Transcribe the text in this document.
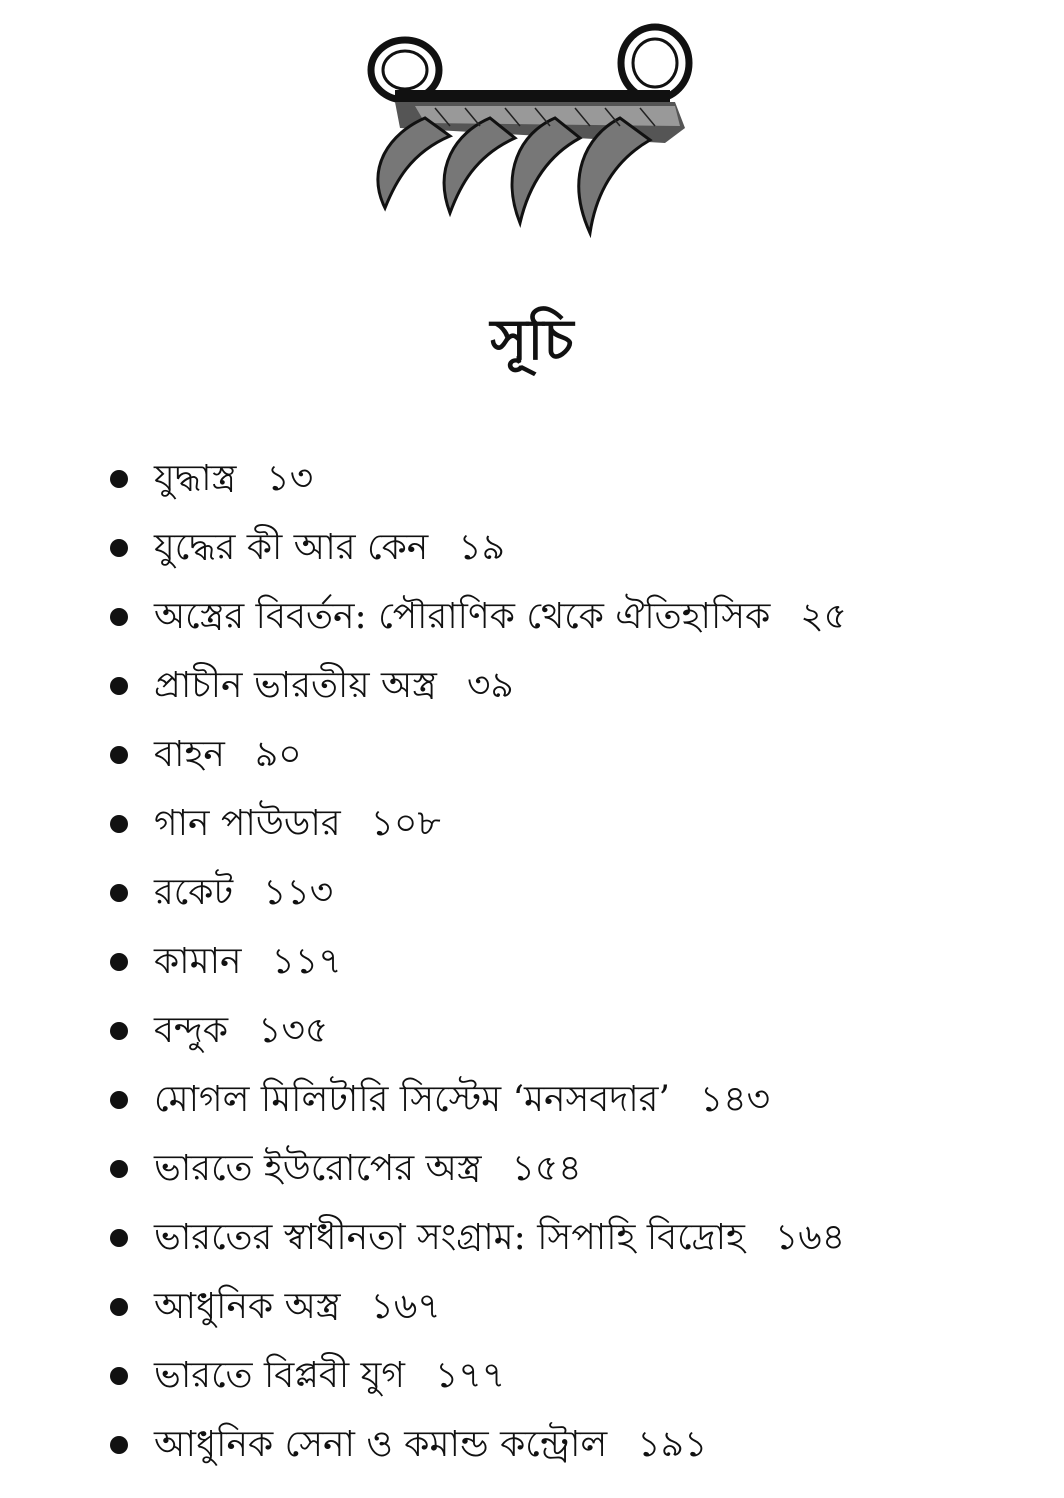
সূচি
যুদ্ধাস্ত্র ১৩
যুদ্ধের কী আর কেন ১৯
অস্ত্রের বিবর্তন: পৌরাণিক থেকে ঐতিহাসিক ২৫
প্রাচীন ভারতীয় অস্ত্র ৩৯
বাহন ৯০
গান পাউডার ১০৮
রকেট ১১৩
কামান ১১৭
বন্দুক ১৩৫
মোগল মিলিটারি সিস্টেম ‘মনসবদার’ ১৪৩
ভারতে ইউরোপের অস্ত্র ১৫৪
ভারতের স্বাধীনতা সংগ্রাম: সিপাহি বিদ্রোহ ১৬৪
আধুনিক অস্ত্র ১৬৭
ভারতে বিপ্লবী যুগ ১৭৭
আধুনিক সেনা ও কমান্ড কন্ট্রোল ১৯১
